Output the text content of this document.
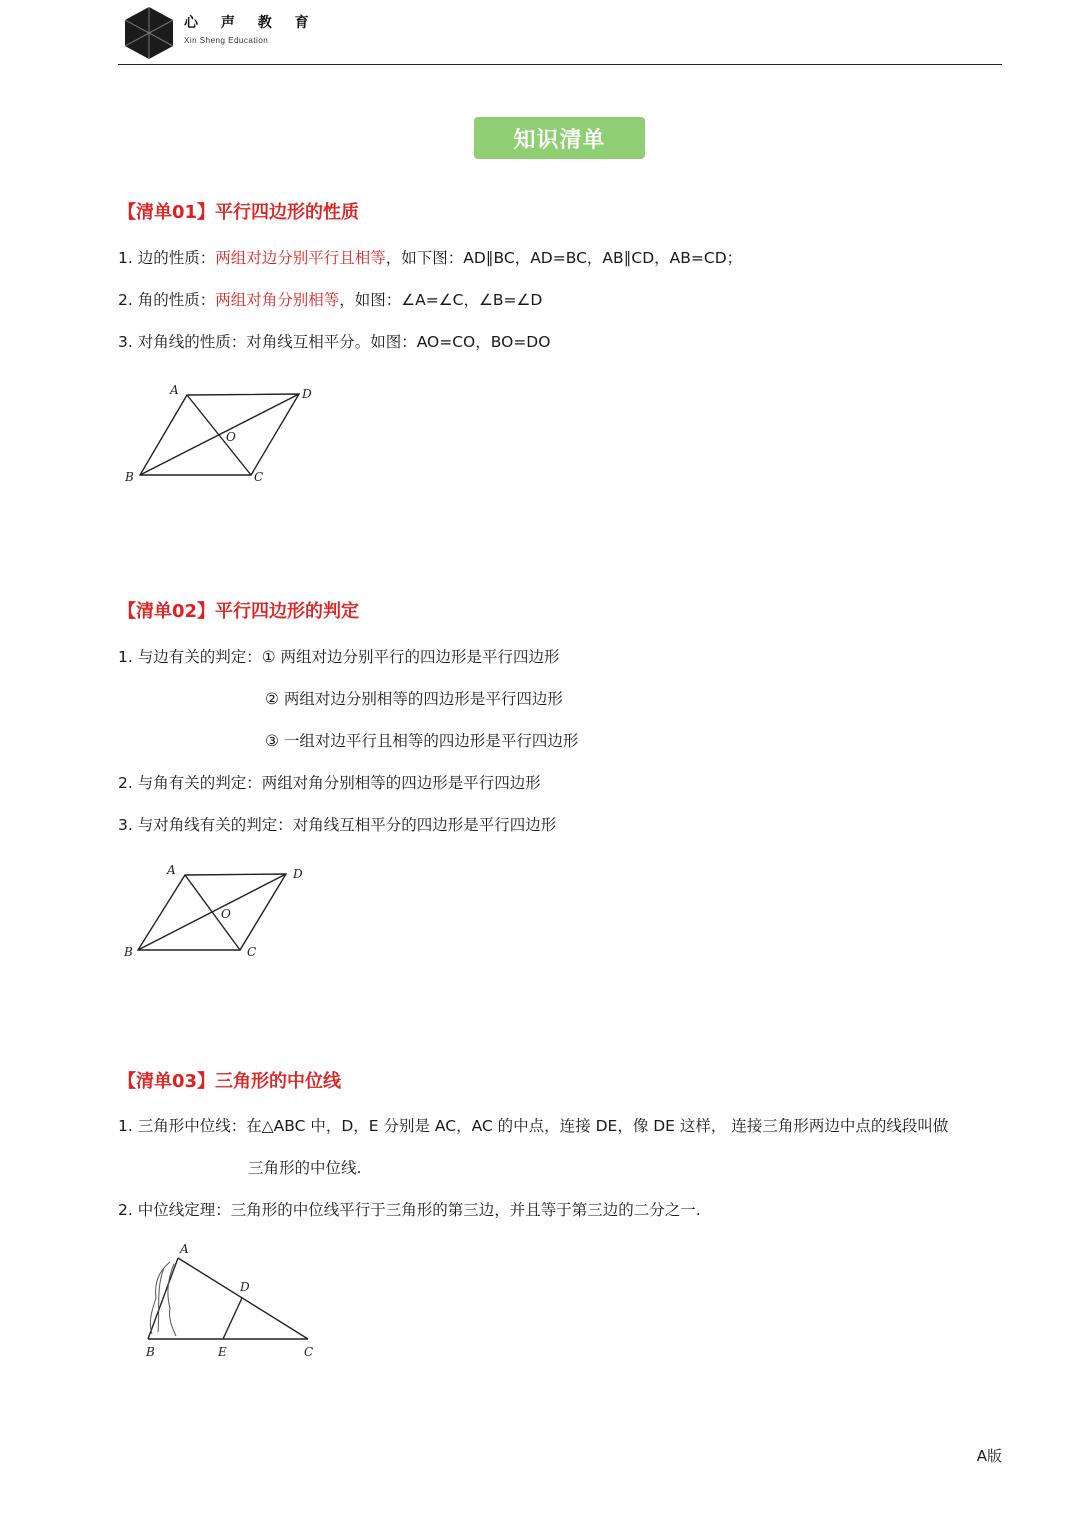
心 声 教 育
Xin Sheng Education
知识清单
【清单01】平行四边形的性质
1. 边的性质：两组对边分别平行且相等，如下图：AD∥BC，AD=BC，AB∥CD，AB=CD；
2. 角的性质：两组对角分别相等，如图：∠A=∠C，∠B=∠D
3. 对角线的性质：对角线互相平分。如图：AO=CO，BO=DO
A	D
B	C
O
【清单02】平行四边形的判定
1. 与边有关的判定：① 两组对边分别平行的四边形是平行四边形
② 两组对边分别相等的四边形是平行四边形
③ 一组对边平行且相等的四边形是平行四边形
2. 与角有关的判定：两组对角分别相等的四边形是平行四边形
3. 与对角线有关的判定：对角线互相平分的四边形是平行四边形
A	D
B	C
O
【清单03】三角形的中位线
1. 三角形中位线：在△ABC 中，D，E 分别是 AC，AC 的中点，连接 DE，像 DE 这样， 连接三角形两边中点的线段叫做
三角形的中位线.
2. 中位线定理：三角形的中位线平行于三角形的第三边，并且等于第三边的二分之一.
A
D
B	E	C
A版
